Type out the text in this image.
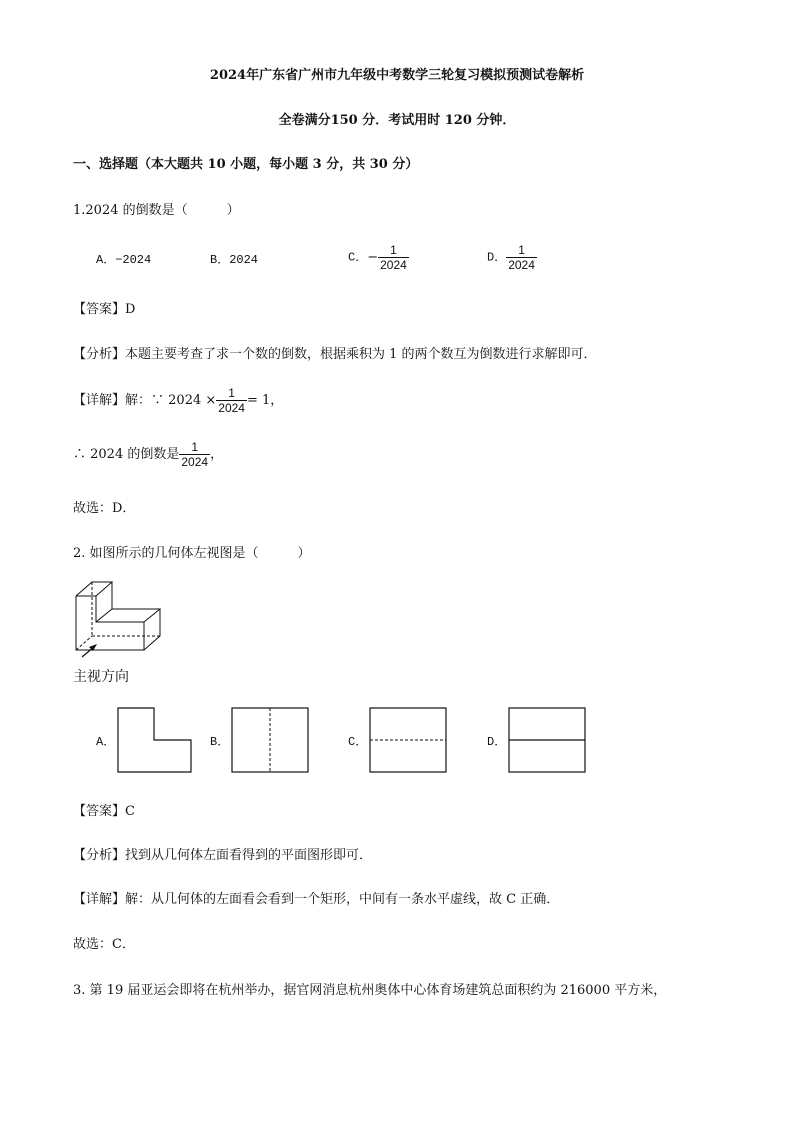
2024年广东省广州市九年级中考数学三轮复习模拟预测试卷解析
全卷满分150 分．考试用时 120 分钟．
一、选择题（本大题共 10 小题，每小题 3 分，共 30 分）
1.2024 的倒数是（　　　）
A．−2024	B．2024	C．− $\frac{1}{2024}$	D． $\frac{1}{2024}$
【答案】D
【分析】本题主要考查了求一个数的倒数，根据乘积为 1 的两个数互为倒数进行求解即可．
【详解】解：∵ $2024 \times \frac{1}{2024} = 1$，
∴ 2024 的倒数是 $\frac{1}{2024}$ ，
故选：D．
2. 如图所示的几何体左视图是（　　　）
主视方向
A．	B．	C．	D．
【答案】C
【分析】找到从几何体左面看得到的平面图形即可．
【详解】解：从几何体的左面看会看到一个矩形，中间有一条水平虚线，故 C 正确．
故选：C．
3. 第 19 届亚运会即将在杭州举办，据官网消息杭州奥体中心体育场建筑总面积约为 216000 平方米，
